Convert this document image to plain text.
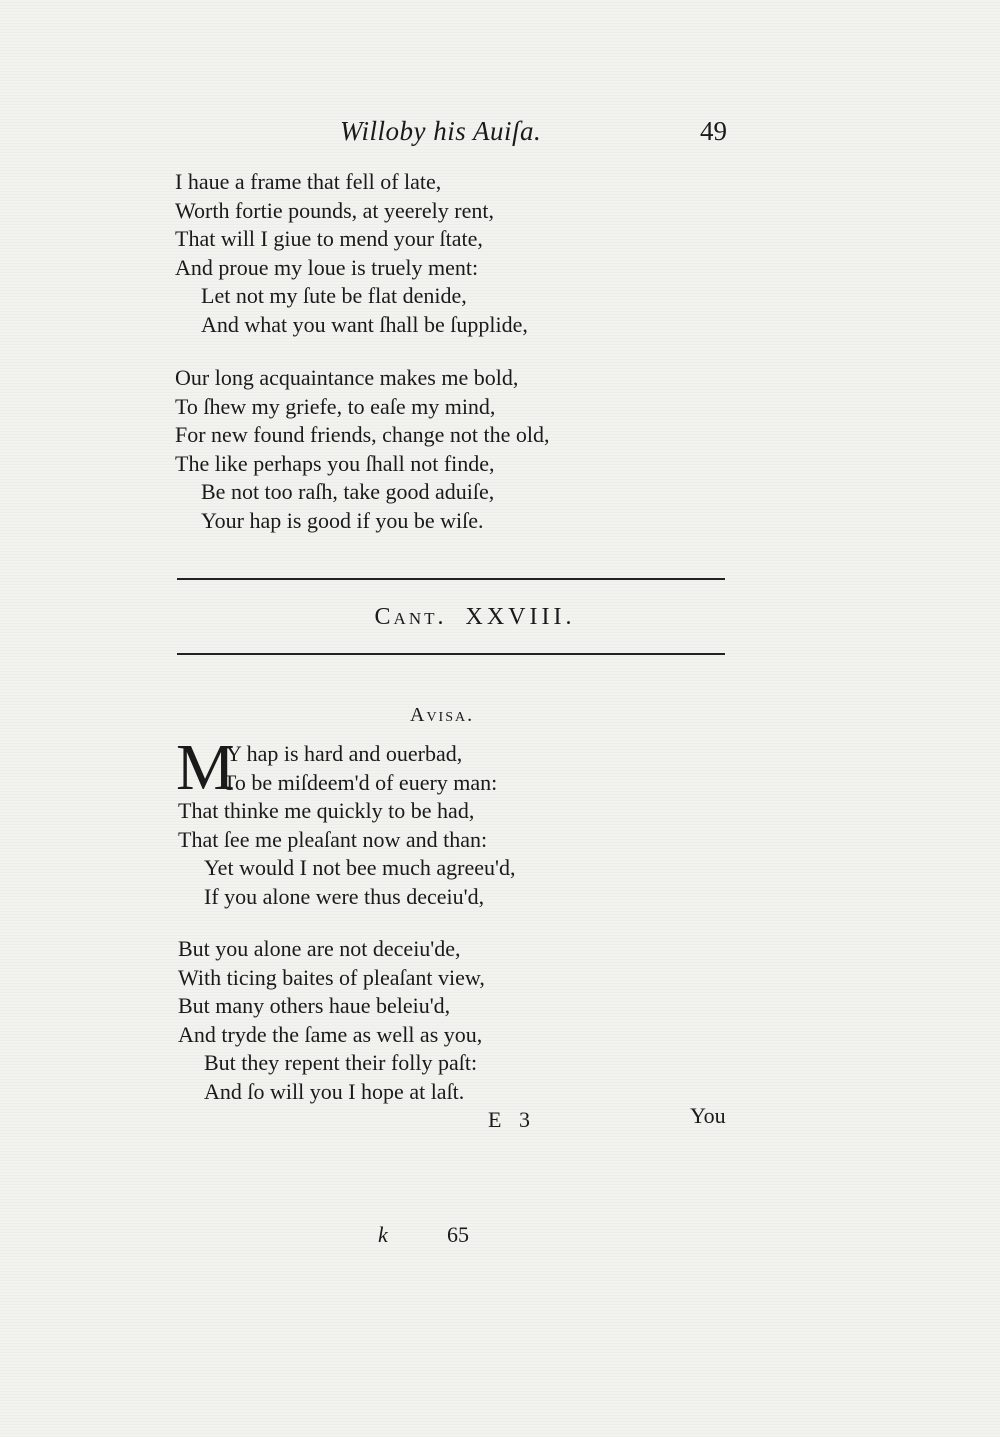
Willoby his Auiſa.	49
I haue a frame that fell of late,
Worth fortie pounds, at yeerely rent,
That will I giue to mend your ſtate,
And proue my loue is truely ment:
Let not my ſute be flat denide,
And what you want ſhall be ſupplide,
Our long acquaintance makes me bold,
To ſhew my griefe, to eaſe my mind,
For new found friends, change not the old,
The like perhaps you ſhall not finde,
Be not too raſh, take good aduiſe,
Your hap is good if you be wiſe.
Cant. XXVIII.
Avisa.
M
Y hap is hard and ouerbad,
To be miſdeem'd of euery man:
That thinke me quickly to be had,
That ſee me pleaſant now and than:
Yet would I not bee much agreeu'd,
If you alone were thus deceiu'd,
But you alone are not deceiu'de,
With ticing baites of pleaſant view,
But many others haue beleiu'd,
And tryde the ſame as well as you,
But they repent their folly paſt:
And ſo will you I hope at laſt.
E 3	You
k	65
